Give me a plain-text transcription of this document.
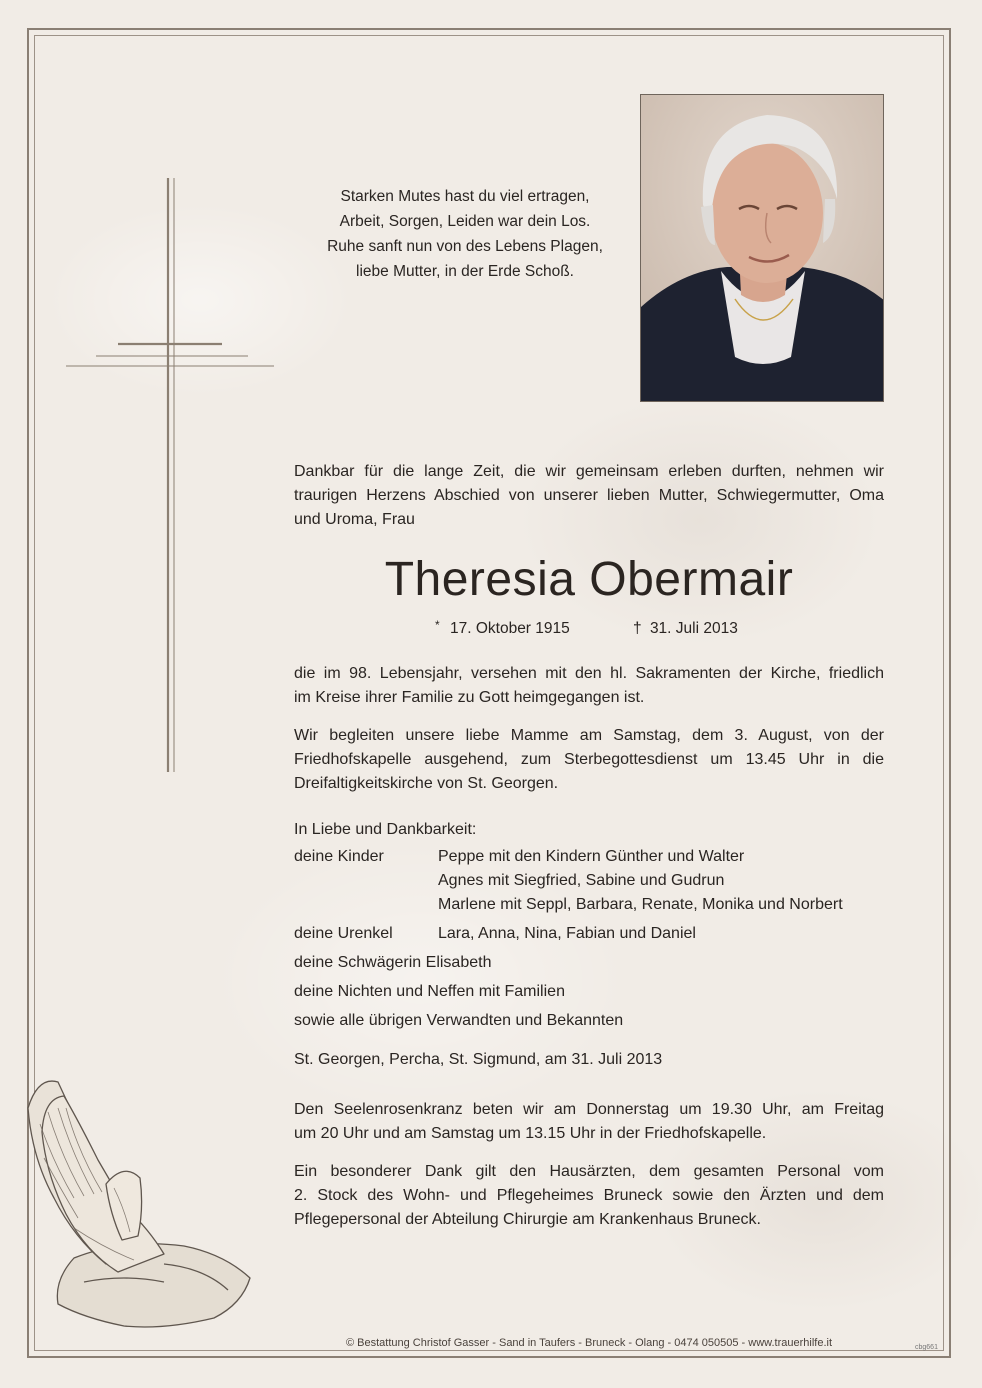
Starken Mutes hast du viel ertragen,
Arbeit, Sorgen, Leiden war dein Los.
Ruhe sanft nun von des Lebens Plagen,
liebe Mutter, in der Erde Schoß.
Dankbar für die lange Zeit, die wir gemeinsam erleben durften, nehmen wir
traurigen Herzens Abschied von unserer lieben Mutter, Schwiegermutter, Oma
und Uroma, Frau
Theresia Obermair
* 17. Oktober 1915	† 31. Juli 2013
die im 98. Lebensjahr, versehen mit den hl. Sakramenten der Kirche, friedlich
im Kreise ihrer Familie zu Gott heimgegangen ist.
Wir begleiten unsere liebe Mamme am Samstag, dem 3. August, von der
Friedhofskapelle ausgehend, zum Sterbegottesdienst um 13.45 Uhr in die
Dreifaltigkeitskirche von St. Georgen.
In Liebe und Dankbarkeit:
deine Kinder	Peppe mit den Kindern Günther und Walter
Agnes mit Siegfried, Sabine und Gudrun
Marlene mit Seppl, Barbara, Renate, Monika und Norbert
deine Urenkel	Lara, Anna, Nina, Fabian und Daniel
deine Schwägerin Elisabeth
deine Nichten und Neffen mit Familien
sowie alle übrigen Verwandten und Bekannten
St. Georgen, Percha, St. Sigmund, am 31. Juli 2013
Den Seelenrosenkranz beten wir am Donnerstag um 19.30 Uhr, am Freitag
um 20 Uhr und am Samstag um 13.15 Uhr in der Friedhofskapelle.
Ein besonderer Dank gilt den Hausärzten, dem gesamten Personal vom
2. Stock des Wohn- und Pflegeheimes Bruneck sowie den Ärzten und dem
Pflegepersonal der Abteilung Chirurgie am Krankenhaus Bruneck.
© Bestattung Christof Gasser - Sand in Taufers - Bruneck - Olang - 0474 050505 - www.trauerhilfe.it	cbg661
